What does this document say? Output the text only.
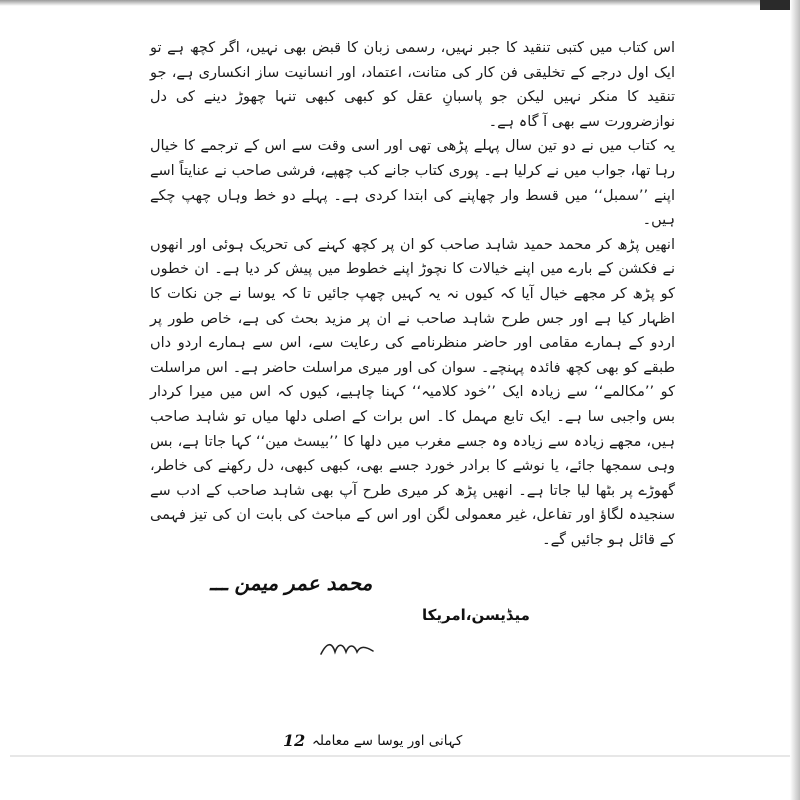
اس کتاب میں کتبی تنقید کا جبر نہیں، رسمی زبان کا قبض بھی نہیں، اگر کچھ ہے تو ایک اول درجے کے تخلیقی فن کار کی متانت، اعتماد، اور انسانیت ساز انکساری ہے، جو تنقید کا منکر نہیں لیکن جو پاسبانِ عقل کو کبھی کبھی تنہا چھوڑ دینے کی دل نوازضرورت سے بھی آ گاہ ہے۔

یہ کتاب میں نے دو تین سال پہلے پڑھی تھی اور اسی وقت سے اس کے ترجمے کا خیال رہا تھا، جواب میں نے کرلیا ہے۔ پوری کتاب جانے کب چھپے، فرشی صاحب نے عنایتاً اسے اپنے ’’سمبل‘‘ میں قسط وار چھاپنے کی ابتدا کردی ہے۔ پہلے دو خط وہاں چھپ چکے ہیں۔

انھیں پڑھ کر محمد حمید شاہد صاحب کو ان پر کچھ کہنے کی تحریک ہوئی اور انھوں نے فکشن کے بارے میں اپنے خیالات کا نچوڑ اپنے خطوط میں پیش کر دیا ہے۔ ان خطوں کو پڑھ کر مجھے خیال آیا کہ کیوں نہ یہ کہیں چھپ جائیں تا کہ یوسا نے جن نکات کا اظہار کیا ہے اور جس طرح شاہد صاحب نے ان پر مزید بحث کی ہے، خاص طور پر اردو کے ہمارے مقامی اور حاضر منظرنامے کی رعایت سے، اس سے ہمارے اردو داں طبقے کو بھی کچھ فائدہ پہنچے۔ سوان کی اور میری مراسلت حاضر ہے۔ اس مراسلت کو ’’مکالمے‘‘ سے زیادہ ایک ’’خود کلامیہ‘‘ کہنا چاہیے، کیوں کہ اس میں میرا کردار بس واجبی سا ہے۔ ایک تابع مہمل کا۔ اس برات کے اصلی دلھا میاں تو شاہد صاحب ہیں، مجھے زیادہ سے زیادہ وہ جسے مغرب میں دلھا کا ’’بیسٹ مین‘‘ کہا جاتا ہے، بس وہی سمجھا جائے، یا نوشے کا برادر خورد جسے بھی، کبھی کبھی، دل رکھنے کی خاطر، گھوڑے پر بٹھا لیا جاتا ہے۔ انھیں پڑھ کر میری طرح آپ بھی شاہد صاحب کے ادب سے سنجیدہ لگاؤ اور تفاعل، غیر معمولی لگن اور اس کے مباحث کی بابت ان کی تیز فہمی کے قائل ہو جائیں گے۔

محمد عمر میمن ـــ
میڈیسن،امریکا
12 کہانی اور یوسا سے معاملہ
